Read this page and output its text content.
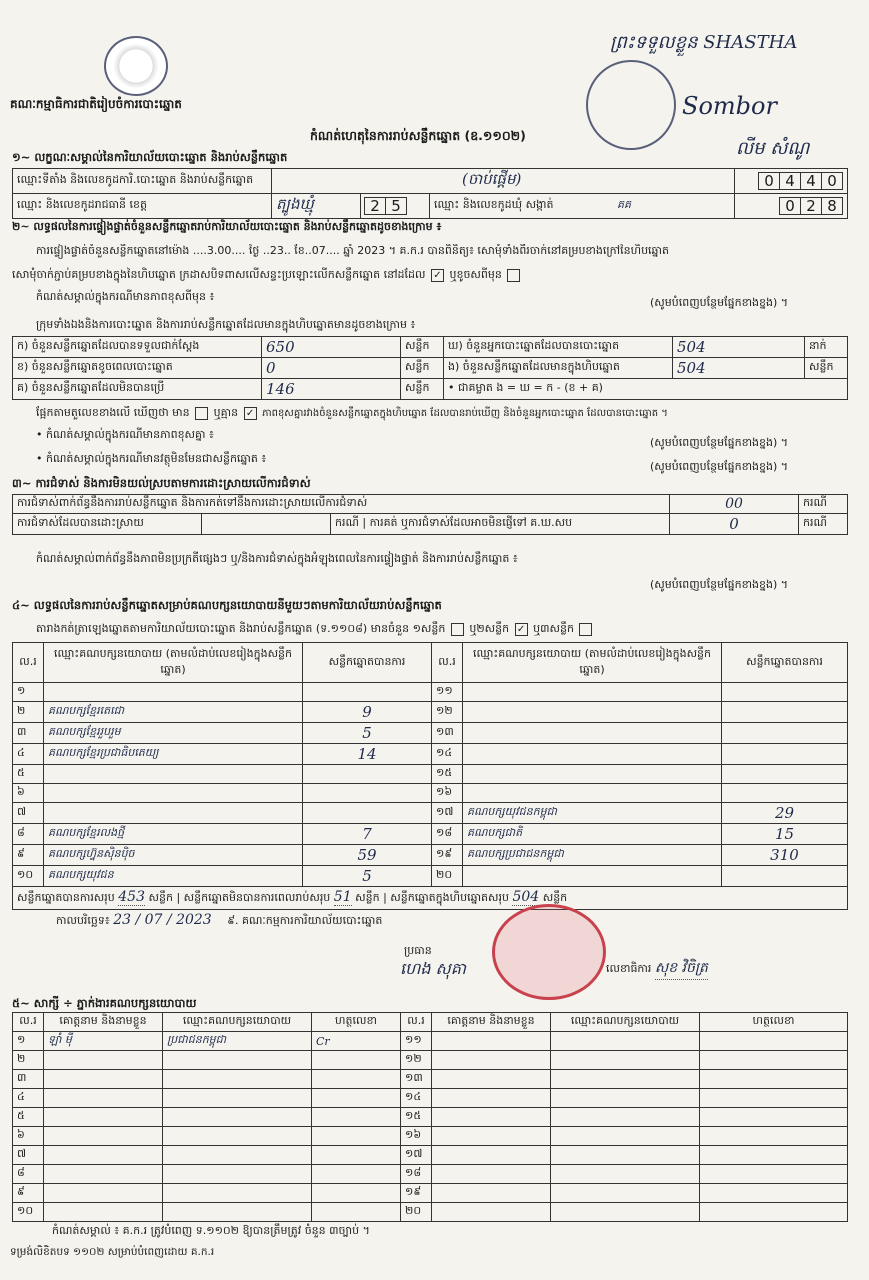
គណៈកម្មាធិការជាតិរៀបចំការបោះឆ្នោត
ព្រះទទួលខ្លួន SHASTHA
Sombor
លីម សំណូ
កំណត់ហេតុនៃការរាប់សន្លឹកឆ្នោត (ឧ.១១០២)
១~ លក្ខណៈសម្គាល់នៃការិយាល័យបោះឆ្នោត និងរាប់សន្លឹកឆ្នោត
ឈ្មោះទីតាំង និងលេខកូដការិ.បោះឆ្នោត និងរាប់សន្លឹកឆ្នោត	(ចាប់ផ្តើម)			0 4 4 0
ឈ្មោះ និងលេខកូដរាជធានី ខេត្ត	ត្បូងឃ្មុំ	2 5	ឈ្មោះ និងលេខកូដឃុំ សង្កាត់ គគ	0 2 8
២~ លទ្ធផលនៃការផ្ទៀងផ្ទាត់ចំនួនសន្លឹកឆ្នោតរាប់ការិយាល័យបោះឆ្នោត និងរាប់សន្លឹកឆ្នោតដូចខាងក្រោម ៖
ការផ្ទៀងផ្ទាត់ចំនួនសន្លឹកឆ្នោតនៅម៉ោង ....3.00.... ថ្ងៃ ..23.. ខែ..07.... ឆ្នាំ 2023 ។ គ.ក.រ បានពិនិត្យ៖ សោមុំទាំងពីរចាក់នៅគម្របខាងក្រៅនៃហិបឆ្នោត
សោមុំចាក់ភ្ជាប់គម្របខាងក្នុងនៃហិបឆ្នោត ក្រដាសបិទពាសលើសន្ទះប្រឡោះលើកសន្លឹកឆ្នោត នៅដដែល ✓ ឬខូចសពីមុន
កំណត់សម្គាល់ក្នុងករណីមានភាពខុសពីមុន ៖	(សូមបំពេញបន្ថែមផ្នែកខាងខ្នង) ។
ក្រុមទាំងឯងនិងការបោះឆ្នោត និងការរាប់សន្លឹកឆ្នោតដែលមានក្នុងហិបឆ្នោតមានដូចខាងក្រោម ៖
ក) ចំនួនសន្លឹកឆ្នោតដែលបានទទួលជាក់ស្តែង	650	សន្លឹក	ឃ) ចំនួនអ្នកបោះឆ្នោតដែលបានបោះឆ្នោត	504	នាក់
ខ) ចំនួនសន្លឹកឆ្នោតខូចពេលបោះឆ្នោត	0	សន្លឹក	ង) ចំនួនសន្លឹកឆ្នោតដែលមានក្នុងហិបឆ្នោត	504	សន្លឹក
គ) ចំនួនសន្លឹកឆ្នោតដែលមិនបានប្រើ	146	សន្លឹក	• ជាគម្លាត ង = ឃ = ក - (ខ + គ)		
ផ្អែកតាមតួលេខខាងលើ ឃើញថា មាន ឬគ្មាន ✓ ភាពខុសគ្នារវាងចំនួនសន្លឹកឆ្នោតក្នុងហិបឆ្នោត ដែលបានរាប់ឃើញ និងចំនួនអ្នកបោះឆ្នោត ដែលបានបោះឆ្នោត ។
• កំណត់សម្គាល់ក្នុងករណីមានភាពខុសគ្នា ៖
(សូមបំពេញបន្ថែមផ្នែកខាងខ្នង) ។
• កំណត់សម្គាល់ក្នុងករណីមានវត្ថុមិនមែនជាសន្លឹកឆ្នោត ៖
(សូមបំពេញបន្ថែមផ្នែកខាងខ្នង) ។
៣~ ការជំទាស់ និងការមិនយល់ស្របតាមការដោះស្រាយលើការជំទាស់
ការជំទាស់ពាក់ព័ន្ធនឹងការរាប់សន្លឹកឆ្នោត និងការកត់ទៅនឹងការដោះស្រាយលើការជំទាស់			00	ករណី
ការជំទាស់ដែលបានដោះស្រាយ		ករណី | ការគត់ ឬការជំទាស់ដែលអាចមិនផ្ញើទៅ គ.ឃ.សប	0	ករណី
កំណត់សម្គាល់ពាក់ព័ន្ធនឹងភាពមិនប្រក្រតីផ្សេងៗ ឬ/និងការជំទាស់ក្នុងអំឡុងពេលនៃការផ្ទៀងផ្ទាត់ និងការរាប់សន្លឹកឆ្នោត ៖
(សូមបំពេញបន្ថែមផ្នែកខាងខ្នង) ។
៤~ លទ្ធផលនៃការរាប់សន្លឹកឆ្នោតសម្រាប់គណបក្សនយោបាយនីមួយៗតាមការិយាល័យរាប់សន្លឹកឆ្នោត
តារាងកត់ត្រាឡេងឆ្នោតតាមការិយាល័យបោះឆ្នោត និងរាប់សន្លឹកឆ្នោត (ទ.១១០៨) មានចំនួន ១សន្លឹក ឬ២សន្លឹក ✓ ឬ៣សន្លឹក
ល.រ	ឈ្មោះគណបក្សនយោបាយ (តាមលំដាប់លេខរៀងក្នុងសន្លឹកឆ្នោត)	សន្លឹកឆ្នោតបានការ	ល.រ	ឈ្មោះគណបក្សនយោបាយ (តាមលំដាប់លេខរៀងក្នុងសន្លឹកឆ្នោត)	សន្លឹកឆ្នោតបានការ
១			១១		
២	គណបក្សខ្មែរតេជោ	9	១២		
៣	គណបក្សខ្មែររួបរួម	5	១៣		
៤	គណបក្សខ្មែរប្រជាធិបតេយ្យ	14	១៤		
៥			១៥		
៦			១៦		
៧			១៧	គណបក្សយុវជនកម្ពុជា	29
៨	គណបក្សខ្មែរលងថ្មី	7	១៨	គណបក្សជាតិ	15
៩	គណបក្សហ្វ៊ុនស៊ិនប៉ិច	59	១៩	គណបក្សប្រជាជនកម្ពុជា	310
១០	គណបក្សយុវជន	5	២០		
សន្លឹកឆ្នោតបានការសរុប 453 សន្លឹក | សន្លឹកឆ្នោតមិនបានការពេលរាប់សរុប 51 សន្លឹក | សន្លឹកឆ្នោតក្នុងហិបឆ្នោតសរុប 504 សន្លឹក
កាលបរិច្ឆេទ៖ 23 / 07 / 2023 ៩. គណៈកម្មការការិយាល័យបោះឆ្នោត
ប្រធាន
ហេង សុគា	លេខាធិការ សុខ វិចិត្រ
៥~ សាក្សី ÷ ភ្នាក់ងារគណបក្សនយោបាយ
ល.រ	គោត្តនាម និងនាមខ្លួន	ឈ្មោះគណបក្សនយោបាយ	ហត្ថលេខា	ល.រ	គោត្តនាម និងនាមខ្លួន	ឈ្មោះគណបក្សនយោបាយ	ហត្ថលេខា
១	ឡាំ ម៉ី	ប្រជាជនកម្ពុជា	Cr	១១			
២				១២			
៣				១៣			
៤				១៤			
៥				១៥			
៦				១៦			
៧				១៧			
៨				១៨			
៩				១៩			
១០				២០			
កំណត់សម្គាល់ ៖ គ.ក.រ ត្រូវបំពេញ ទ.១១០២ ឱ្យបានត្រឹមត្រូវ ចំនួន ៣ច្បាប់ ។
ទម្រង់លិខិតបទ ១១០២ សម្រាប់បំពេញដោយ គ.ក.រ
